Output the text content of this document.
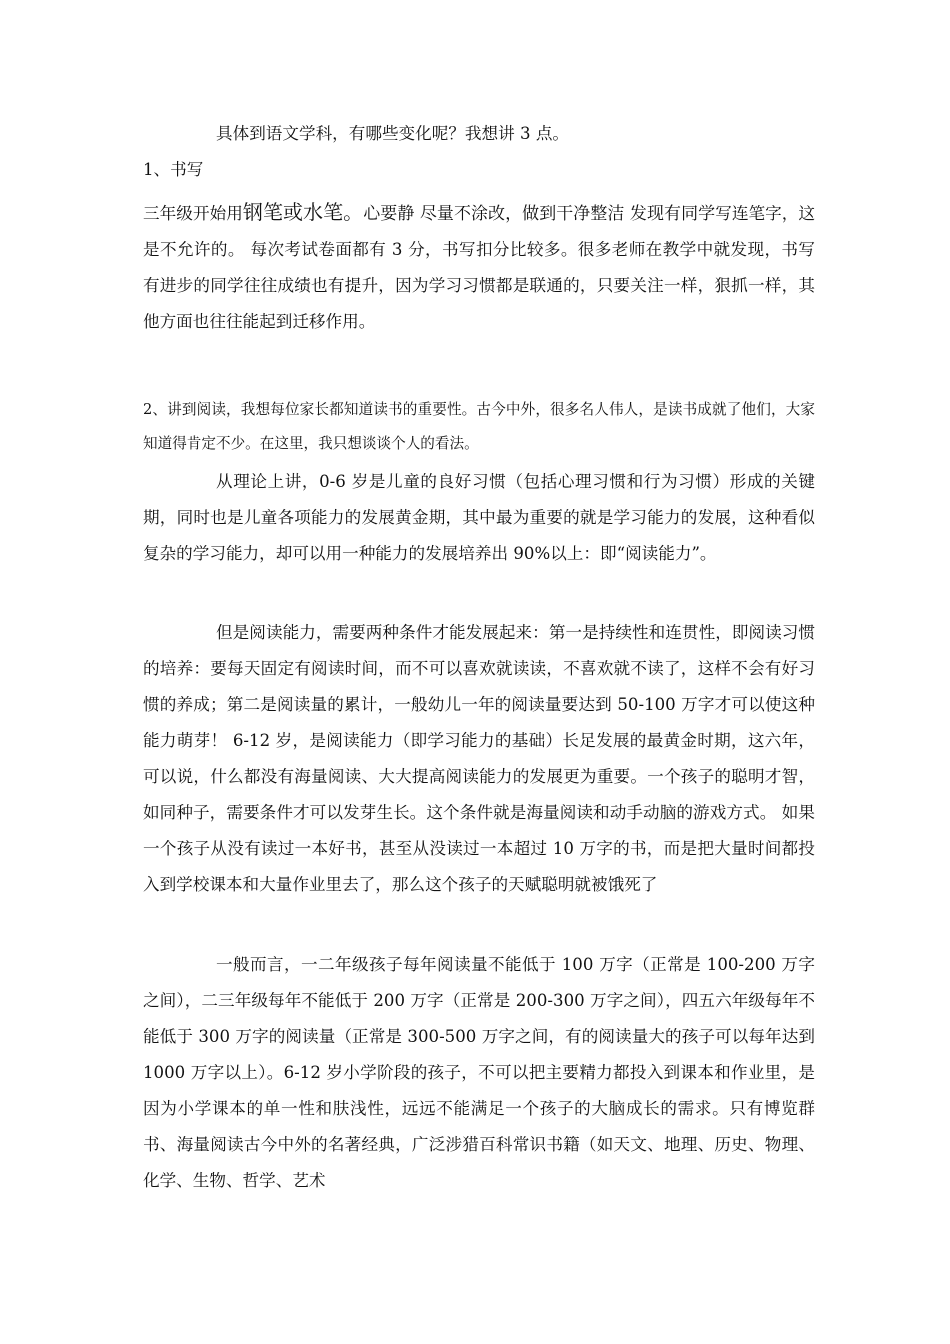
具体到语文学科，有哪些变化呢？我想讲 3 点。

1、书写

三年级开始用钢笔或水笔。心要静 尽量不涂改，做到干净整洁 发现有同学写连笔字，这是不允许的。 每次考试卷面都有 3 分，书写扣分比较多。很多老师在教学中就发现，书写有进步的同学往往成绩也有提升，因为学习习惯都是联通的，只要关注一样，狠抓一样，其他方面也往往能起到迁移作用。

2、讲到阅读，我想每位家长都知道读书的重要性。古今中外，很多名人伟人，是读书成就了他们，大家知道得肯定不少。在这里，我只想谈谈个人的看法。

从理论上讲，0-6 岁是儿童的良好习惯（包括心理习惯和行为习惯）形成的关键期，同时也是儿童各项能力的发展黄金期，其中最为重要的就是学习能力的发展，这种看似复杂的学习能力，却可以用一种能力的发展培养出 90%以上：即“阅读能力”。

但是阅读能力，需要两种条件才能发展起来：第一是持续性和连贯性，即阅读习惯的培养：要每天固定有阅读时间，而不可以喜欢就读读，不喜欢就不读了，这样不会有好习惯的养成；第二是阅读量的累计，一般幼儿一年的阅读量要达到 50-100 万字才可以使这种能力萌芽！ 6-12 岁，是阅读能力（即学习能力的基础）长足发展的最黄金时期，这六年，可以说，什么都没有海量阅读、大大提高阅读能力的发展更为重要。一个孩子的聪明才智，如同种子，需要条件才可以发芽生长。这个条件就是海量阅读和动手动脑的游戏方式。 如果一个孩子从没有读过一本好书，甚至从没读过一本超过 10 万字的书，而是把大量时间都投入到学校课本和大量作业里去了，那么这个孩子的天赋聪明就被饿死了

一般而言，一二年级孩子每年阅读量不能低于 100 万字（正常是 100-200 万字之间），二三年级每年不能低于 200 万字（正常是 200-300 万字之间），四五六年级每年不能低于 300 万字的阅读量（正常是 300-500 万字之间，有的阅读量大的孩子可以每年达到 1000 万字以上）。6-12 岁小学阶段的孩子，不可以把主要精力都投入到课本和作业里，是因为小学课本的单一性和肤浅性，远远不能满足一个孩子的大脑成长的需求。只有博览群书、海量阅读古今中外的名著经典，广泛涉猎百科常识书籍（如天文、地理、历史、物理、化学、生物、哲学、艺术
